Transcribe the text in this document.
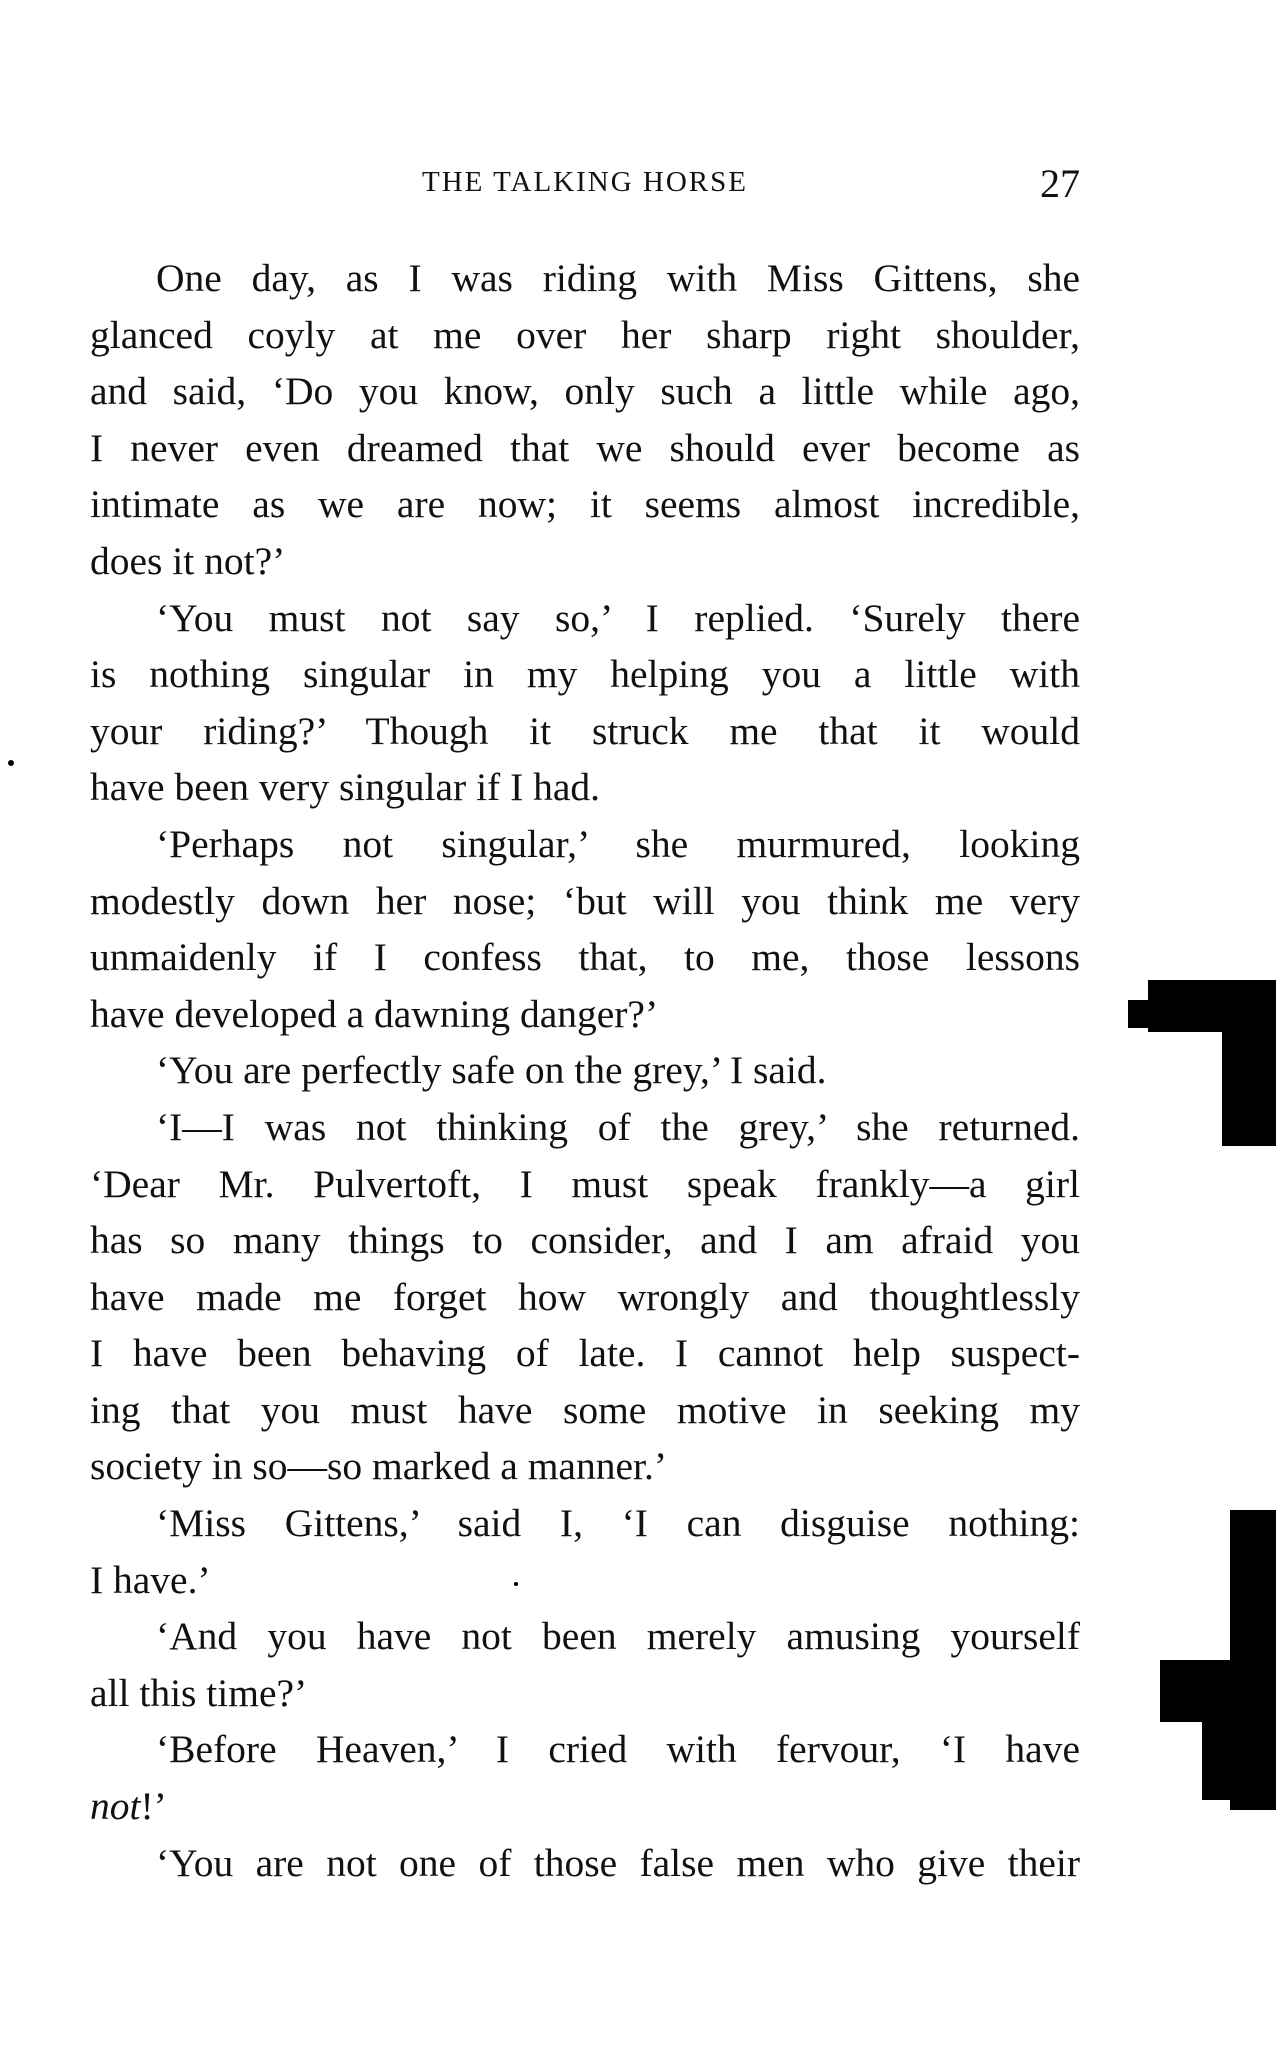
THE TALKING HORSE	27
One day, as I was riding with Miss Gittens, she
glanced coyly at me over her sharp right shoulder,
and said, ‘Do you know, only such a little while ago,
I never even dreamed that we should ever become as
intimate as we are now; it seems almost incredible,
does it not?’
‘You must not say so,’ I replied. ‘Surely there
is nothing singular in my helping you a little with
your riding?’ Though it struck me that it would
have been very singular if I had.
‘Perhaps not singular,’ she murmured, looking
modestly down her nose; ‘but will you think me very
unmaidenly if I confess that, to me, those lessons
have developed a dawning danger?’
‘You are perfectly safe on the grey,’ I said.
‘I—I was not thinking of the grey,’ she returned.
‘Dear Mr. Pulvertoft, I must speak frankly—a girl
has so many things to consider, and I am afraid you
have made me forget how wrongly and thoughtlessly
I have been behaving of late. I cannot help suspect-
ing that you must have some motive in seeking my
society in so—so marked a manner.’
‘Miss Gittens,’ said I, ‘I can disguise nothing:
I have.’
‘And you have not been merely amusing yourself
all this time?’
‘Before Heaven,’ I cried with fervour, ‘I have
not!’
‘You are not one of those false men who give their
